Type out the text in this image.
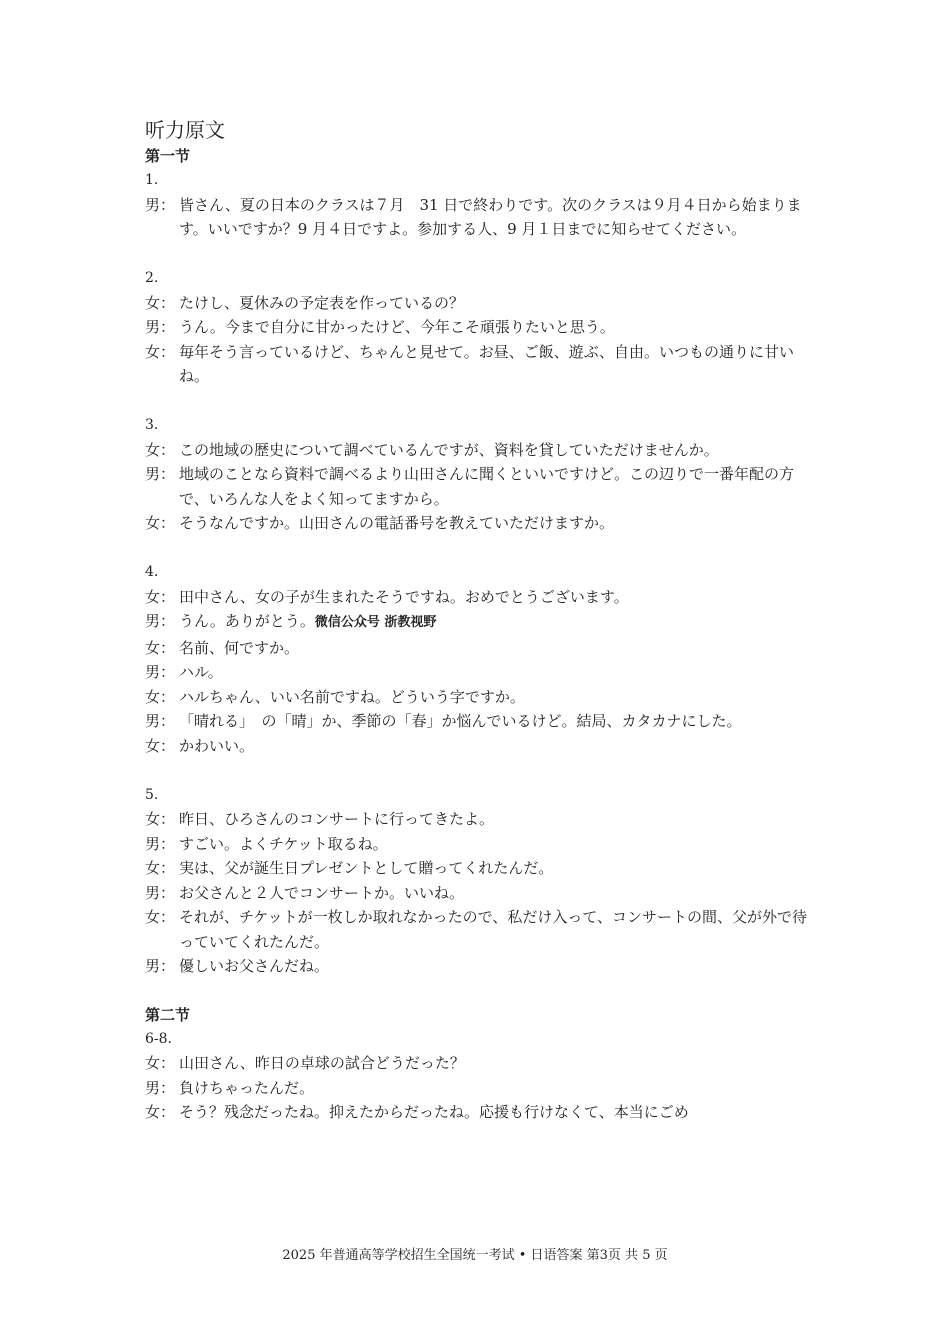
听力原文
第一节
1.
男： 皆さん、夏の日本のクラスは７月　31 日で終わりです。次のクラスは９月４日から始まります。いいですか？9 月４日ですよ。参加する人、9 月１日までに知らせてください。
2.
女： たけし、夏休みの予定表を作っているの？
男： うん。今まで自分に甘かったけど、今年こそ頑張りたいと思う。
女： 毎年そう言っているけど、ちゃんと見せて。お昼、ご飯、遊ぶ、自由。いつもの通りに甘いね。
3.
女： この地域の歴史について調べているんですが、資料を貸していただけませんか。
男： 地域のことなら資料で調べるより山田さんに聞くといいですけど。この辺りで一番年配の方で、いろんな人をよく知ってますから。
女： そうなんですか。山田さんの電話番号を教えていただけますか。
4.
女： 田中さん、女の子が生まれたそうですね。おめでとうございます。
男： うん。ありがとう。微信公众号 浙教视野
女： 名前、何ですか。
男： ハル。
女： ハルちゃん、いい名前ですね。どういう字ですか。
男： 「晴れる」　の「晴」か、季節の「春」か悩んでいるけど。結局、カタカナにした。
女： かわいい。
5.
女： 昨日、ひろさんのコンサートに行ってきたよ。
男： すごい。よくチケット取るね。
女： 実は、父が誕生日プレゼントとして贈ってくれたんだ。
男： お父さんと２人でコンサートか。いいね。
女： それが、チケットが一枚しか取れなかったので、私だけ入って、コンサートの間、父が外で待っていてくれたんだ。
男： 優しいお父さんだね。
第二节
6-8.
女： 山田さん、昨日の卓球の試合どうだった？
男： 負けちゃったんだ。
女： そう？残念だったね。抑えたからだったね。応援も行けなくて、本当にごめ
2025 年普通高等学校招生全国统一考试 • 日语答案 第3页 共 5 页
